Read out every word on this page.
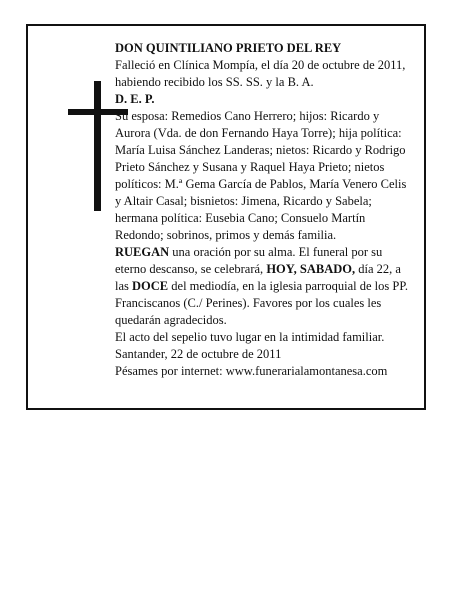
DON QUINTILIANO PRIETO DEL REY

Falleció en Clínica Mompía, el día 20 de octubre de 2011, habiendo recibido los SS. SS. y la B. A.

D. E. P.

Su esposa: Remedios Cano Herrero; hijos: Ricardo y Aurora (Vda. de don Fernando Haya Torre); hija política: María Luisa Sánchez Landeras; nietos: Ricardo y Rodrigo Prieto Sánchez y Susana y Raquel Haya Prieto; nietos políticos: M.ª Gema García de Pablos, María Venero Celis y Altair Casal; bisnietos: Jimena, Ricardo y Sabela; hermana política: Eusebia Cano; Consuelo Martín Redondo; sobrinos, primos y demás familia.

RUEGAN una oración por su alma. El funeral por su eterno descanso, se celebrará, HOY, SABADO, día 22, a las DOCE del mediodía, en la iglesia parroquial de los PP. Franciscanos (C./ Perines). Favores por los cuales les quedarán agradecidos.

El acto del sepelio tuvo lugar en la intimidad familiar.

Santander, 22 de octubre de 2011

Pésames por internet: www.funerarialamontanesa.com
